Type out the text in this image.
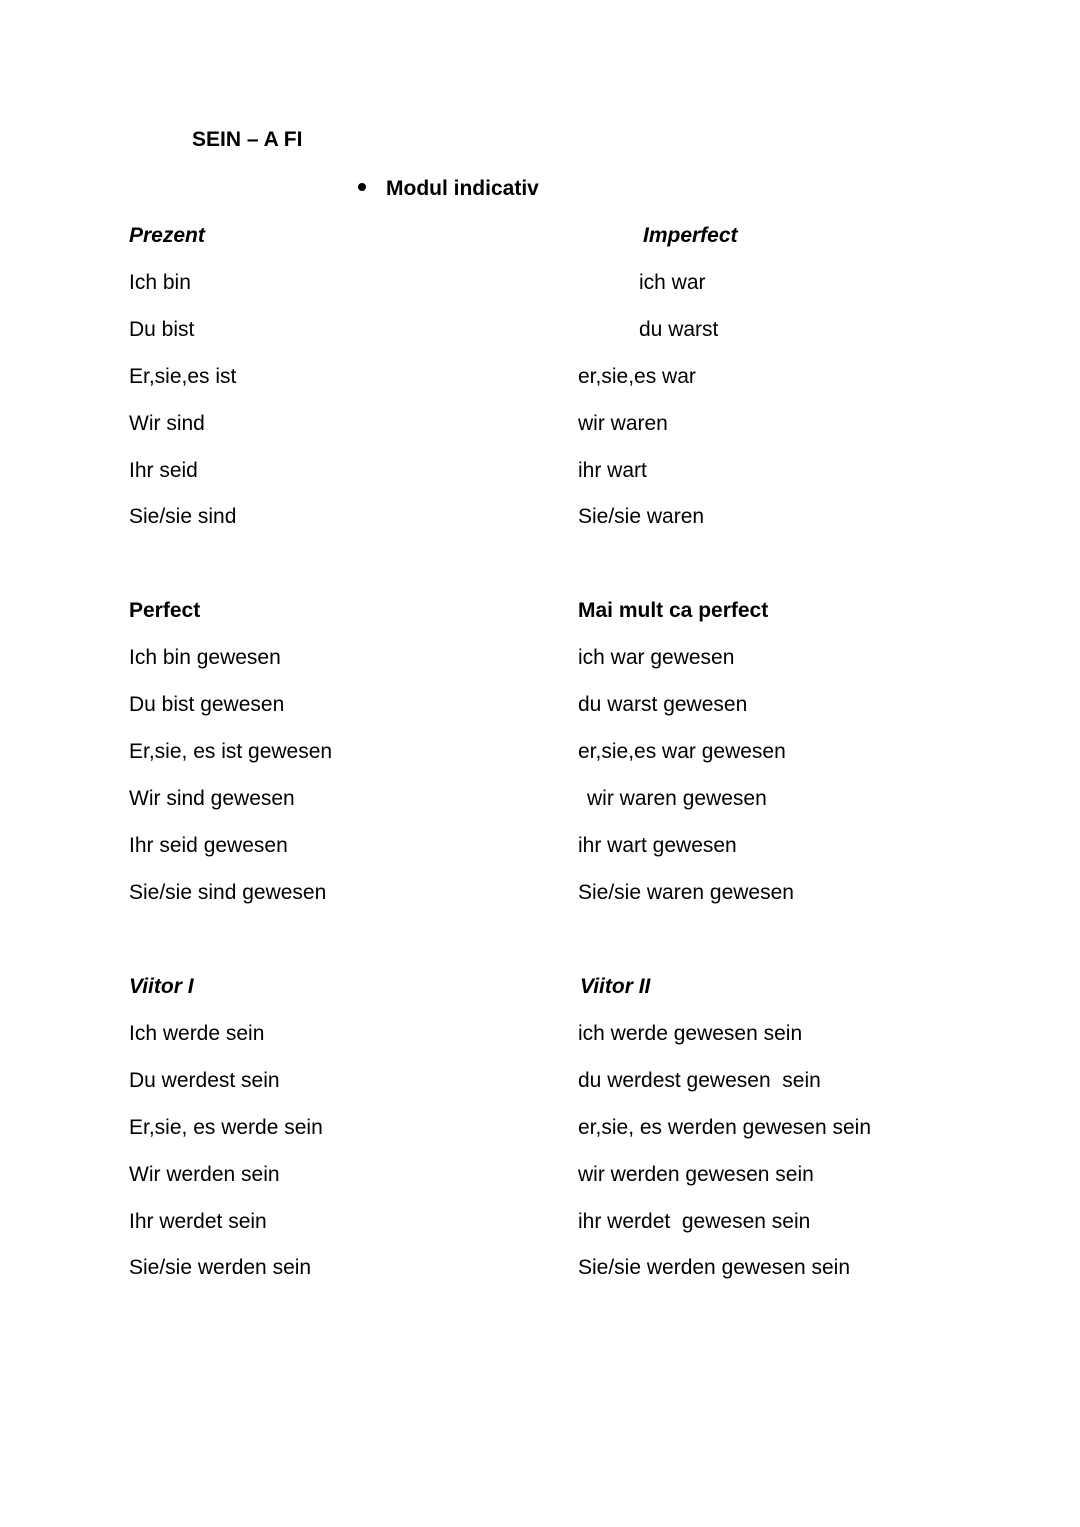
SEIN – A FI
Modul indicativ
Prezent
Ich bin
Du bist
Er,sie,es ist
Wir sind
Ihr seid
Sie/sie sind
Imperfect
ich war
du warst
er,sie,es war
wir waren
ihr wart
Sie/sie waren
Perfect
Ich bin gewesen
Du bist gewesen
Er,sie, es ist gewesen
Wir sind gewesen
Ihr seid gewesen
Sie/sie sind gewesen
Mai mult ca perfect
ich war gewesen
du warst gewesen
er,sie,es war gewesen
wir waren gewesen
ihr wart gewesen
Sie/sie waren gewesen
Viitor I
Ich werde sein
Du werdest sein
Er,sie, es werde sein
Wir werden sein
Ihr werdet sein
Sie/sie werden sein
Viitor II
ich werde gewesen sein
du werdest gewesen  sein
er,sie, es werden gewesen sein
wir werden gewesen sein
ihr werdet  gewesen sein
Sie/sie werden gewesen sein
